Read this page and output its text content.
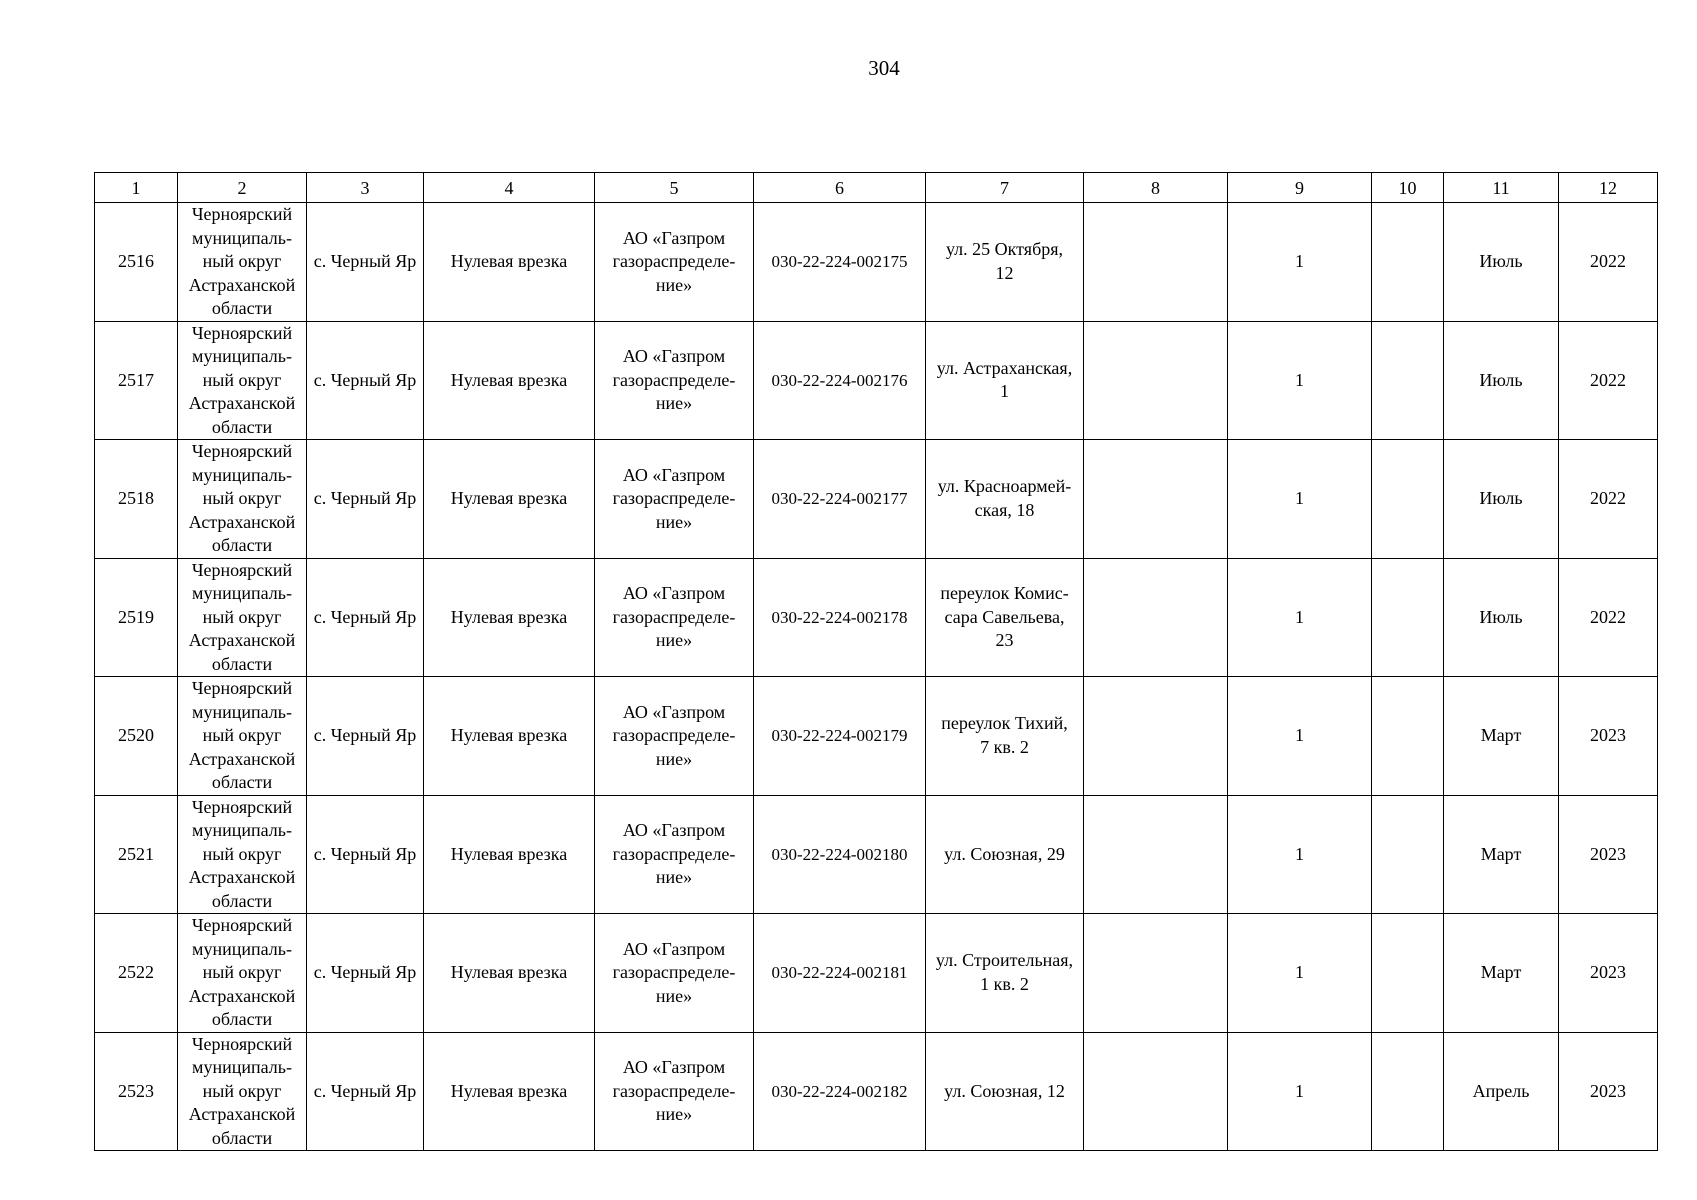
304
1	2	3	4	5	6	7	8	9	10	11	12
2516	Черноярский
муниципаль-
ный округ
Астраханской
области	с. Черный Яр	Нулевая врезка	АО «Газпром
газораспределе-
ние»	030-22-224-002175	ул. 25 Октября,
12		1		Июль	2022
2517	Черноярский
муниципаль-
ный округ
Астраханской
области	с. Черный Яр	Нулевая врезка	АО «Газпром
газораспределе-
ние»	030-22-224-002176	ул. Астраханская,
1		1		Июль	2022
2518	Черноярский
муниципаль-
ный округ
Астраханской
области	с. Черный Яр	Нулевая врезка	АО «Газпром
газораспределе-
ние»	030-22-224-002177	ул. Красноармей-
ская, 18		1		Июль	2022
2519	Черноярский
муниципаль-
ный округ
Астраханской
области	с. Черный Яр	Нулевая врезка	АО «Газпром
газораспределе-
ние»	030-22-224-002178	переулок Комис-
сара Савельева,
23		1		Июль	2022
2520	Черноярский
муниципаль-
ный округ
Астраханской
области	с. Черный Яр	Нулевая врезка	АО «Газпром
газораспределе-
ние»	030-22-224-002179	переулок Тихий,
7 кв. 2		1		Март	2023
2521	Черноярский
муниципаль-
ный округ
Астраханской
области	с. Черный Яр	Нулевая врезка	АО «Газпром
газораспределе-
ние»	030-22-224-002180	ул. Союзная, 29		1		Март	2023
2522	Черноярский
муниципаль-
ный округ
Астраханской
области	с. Черный Яр	Нулевая врезка	АО «Газпром
газораспределе-
ние»	030-22-224-002181	ул. Строительная,
1 кв. 2		1		Март	2023
2523	Черноярский
муниципаль-
ный округ
Астраханской
области	с. Черный Яр	Нулевая врезка	АО «Газпром
газораспределе-
ние»	030-22-224-002182	ул. Союзная, 12		1		Апрель	2023
